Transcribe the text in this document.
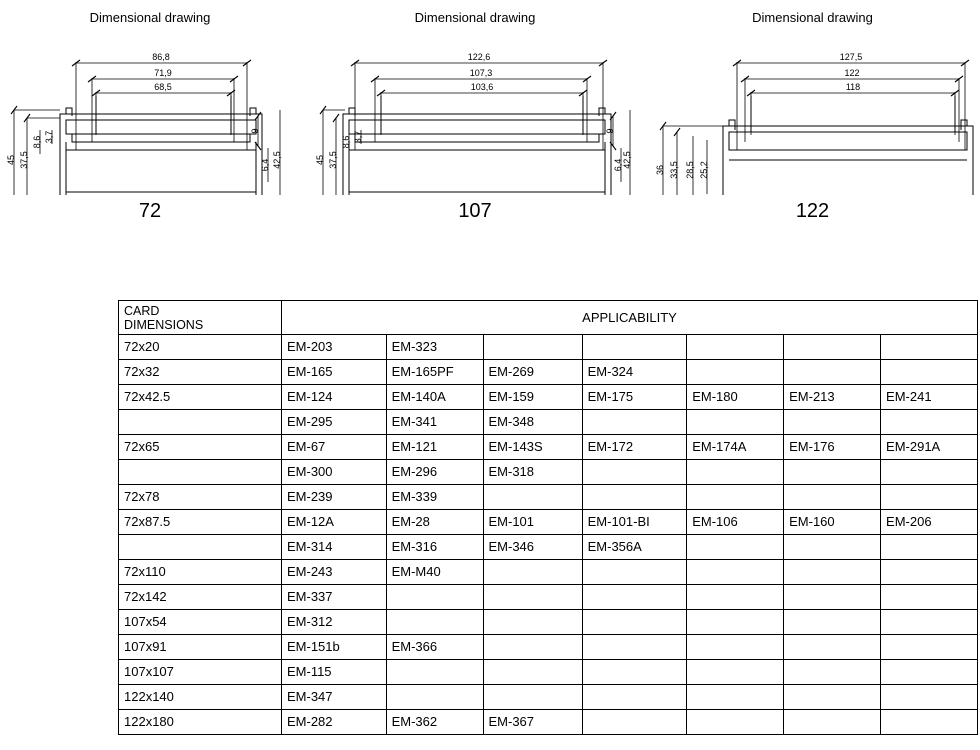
Dimensional drawing
86,8
71,9
68,5
45 37,5
8,6 3,7	9
6,4 42,5
72
Dimensional drawing
122,6
107,3
103,6
45 37,5
8,6 3,7	9
6,4 42,5
107
Dimensional drawing
127,5
122
118
36 33,5 28,5 25,2
122
CARD
DIMENSIONS	APPLICABILITY						
72x20	EM-203	EM-323					
72x32	EM-165	EM-165PF	EM-269	EM-324			
72x42.5	EM-124	EM-140A	EM-159	EM-175	EM-180	EM-213	EM-241
	EM-295	EM-341	EM-348				
72x65	EM-67	EM-121	EM-143S	EM-172	EM-174A	EM-176	EM-291A
	EM-300	EM-296	EM-318				
72x78	EM-239	EM-339					
72x87.5	EM-12A	EM-28	EM-101	EM-101-BI	EM-106	EM-160	EM-206
	EM-314	EM-316	EM-346	EM-356A			
72x110	EM-243	EM-M40					
72x142	EM-337						
107x54	EM-312						
107x91	EM-151b	EM-366					
107x107	EM-115						
122x140	EM-347						
122x180	EM-282	EM-362	EM-367				
